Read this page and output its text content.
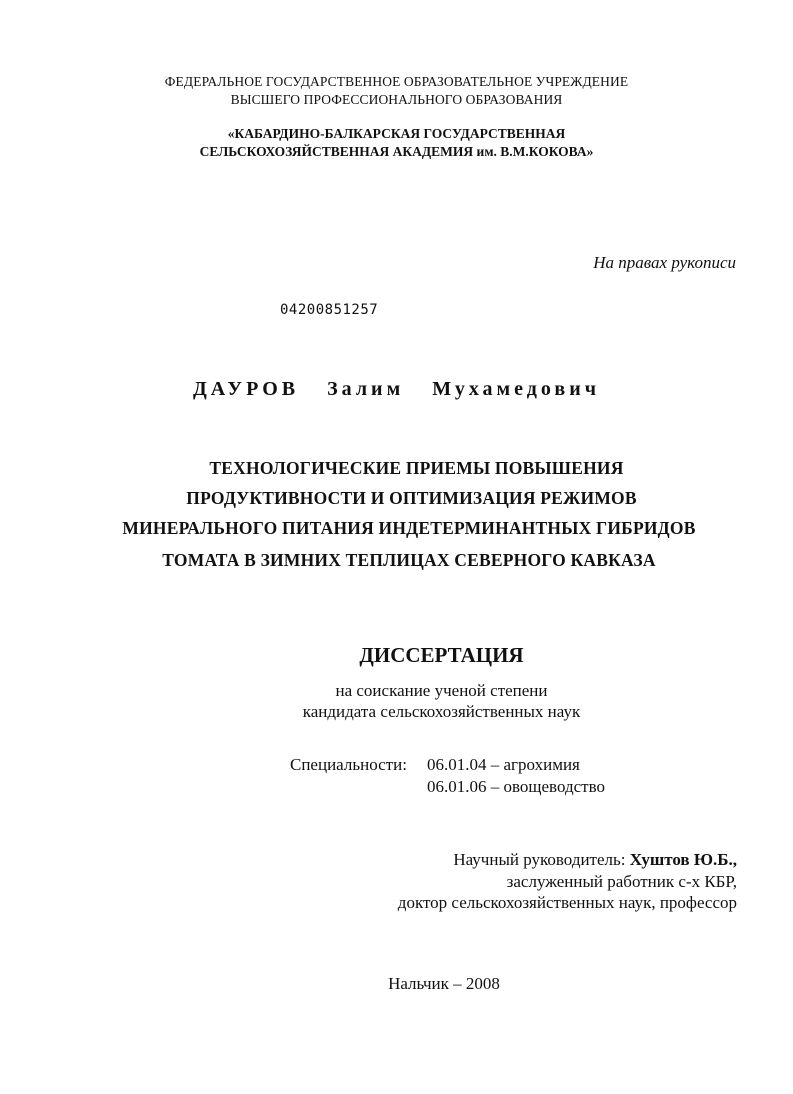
ФЕДЕРАЛЬНОЕ ГОСУДАРСТВЕННОЕ ОБРАЗОВАТЕЛЬНОЕ УЧРЕЖДЕНИЕ
ВЫСШЕГО ПРОФЕССИОНАЛЬНОГО ОБРАЗОВАНИЯ
«КАБАРДИНО-БАЛКАРСКАЯ ГОСУДАРСТВЕННАЯ
СЕЛЬСКОХОЗЯЙСТВЕННАЯ АКАДЕМИЯ им. В.М.КОКОВА»
На правах рукописи
04200851257
ДАУРОВ Залим Мухамедович
ТЕХНОЛОГИЧЕСКИЕ ПРИЕМЫ ПОВЫШЕНИЯ
ПРОДУКТИВНОСТИ И ОПТИМИЗАЦИЯ РЕЖИМОВ
МИНЕРАЛЬНОГО ПИТАНИЯ ИНДЕТЕРМИНАНТНЫХ ГИБРИДОВ
ТОМАТА В ЗИМНИХ ТЕПЛИЦАХ СЕВЕРНОГО КАВКАЗА
ДИССЕРТАЦИЯ
на соискание ученой степени
кандидата сельскохозяйственных наук
Специальности: 06.01.04 – агрохимия
06.01.06 – овощеводство
Научный руководитель: Хуштов Ю.Б.,
заслуженный работник с-х КБР,
доктор сельскохозяйственных наук, профессор
Нальчик – 2008
